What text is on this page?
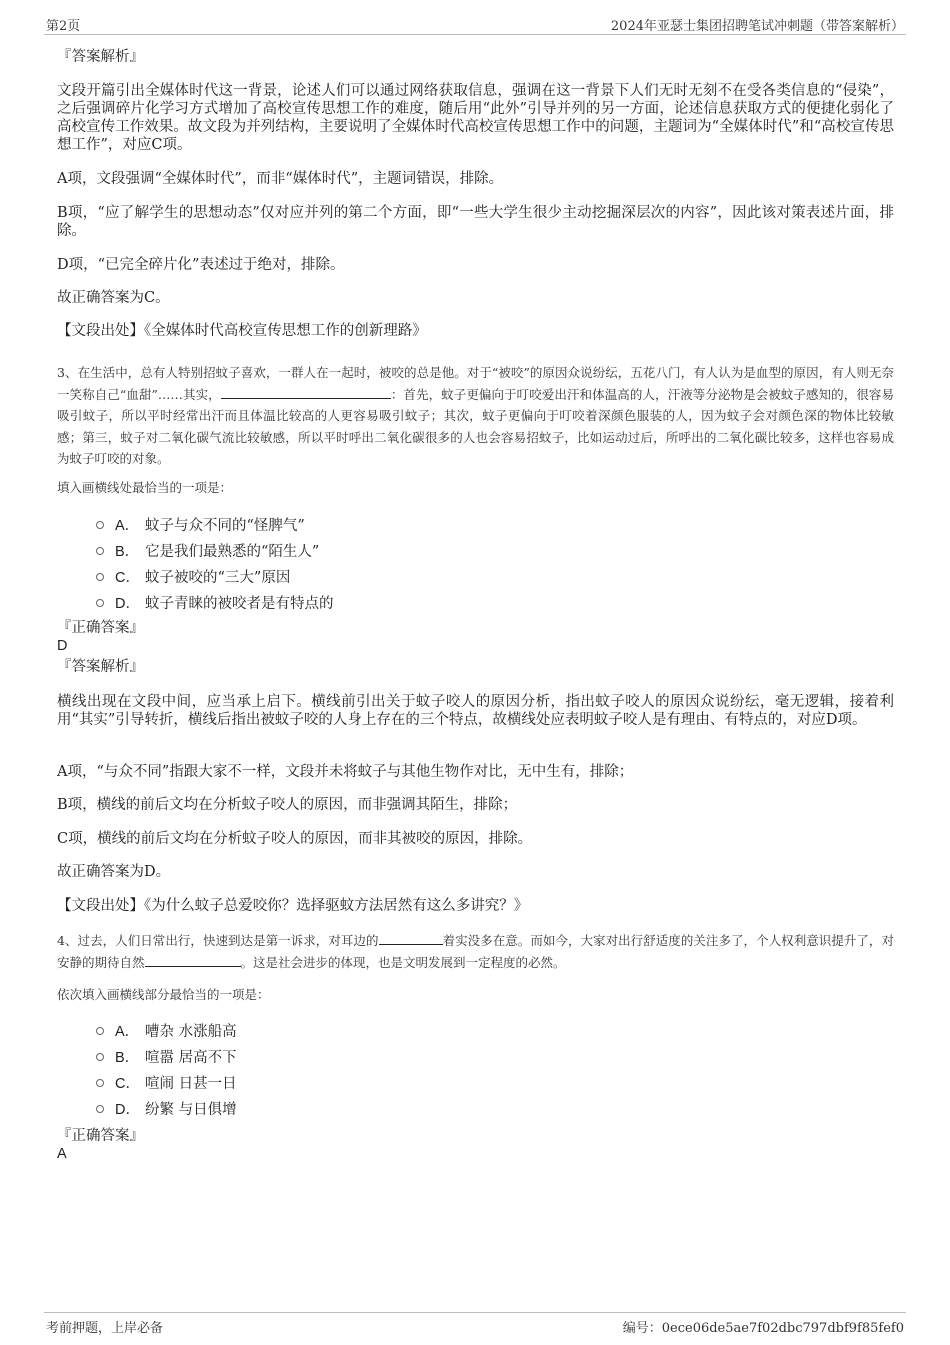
第2页	2024年亚瑟士集团招聘笔试冲刺题（带答案解析）
『答案解析』
文段开篇引出全媒体时代这一背景，论述人们可以通过网络获取信息，强调在这一背景下人们无时无刻不在受各类信息的“侵染”，之后强调碎片化学习方式增加了高校宣传思想工作的难度，随后用“此外”引导并列的另一方面，论述信息获取方式的便捷化弱化了高校宣传工作效果。故文段为并列结构，主要说明了全媒体时代高校宣传思想工作中的问题，主题词为“全媒体时代”和“高校宣传思想工作”，对应C项。
A项，文段强调“全媒体时代”，而非“媒体时代”，主题词错误，排除。
B项，“应了解学生的思想动态”仅对应并列的第二个方面，即“一些大学生很少主动挖掘深层次的内容”，因此该对策表述片面，排除。
D项，“已完全碎片化”表述过于绝对，排除。
故正确答案为C。
【文段出处】《全媒体时代高校宣传思想工作的创新理路》
3、在生活中，总有人特别招蚊子喜欢，一群人在一起时，被咬的总是他。对于“被咬”的原因众说纷纭，五花八门，有人认为是血型的原因，有人则无奈一笑称自己“血甜”……其实，	：首先，蚊子更偏向于叮咬爱出汗和体温高的人，汗液等分泌物是会被蚊子感知的，很容易吸引蚊子，所以平时经常出汗而且体温比较高的人更容易吸引蚊子；其次，蚊子更偏向于叮咬着深颜色服装的人，因为蚊子会对颜色深的物体比较敏感；第三，蚊子对二氧化碳气流比较敏感，所以平时呼出二氧化碳很多的人也会容易招蚊子，比如运动过后，所呼出的二氧化碳比较多，这样也容易成为蚊子叮咬的对象。
填入画横线处最恰当的一项是：
A． 蚊子与众不同的“怪脾气”
B． 它是我们最熟悉的“陌生人”
C． 蚊子被咬的“三大”原因
D． 蚊子青睐的被咬者是有特点的
『正确答案』
D
『答案解析』
横线出现在文段中间，应当承上启下。横线前引出关于蚊子咬人的原因分析，指出蚊子咬人的原因众说纷纭，毫无逻辑，接着利用“其实”引导转折，横线后指出被蚊子咬的人身上存在的三个特点，故横线处应表明蚊子咬人是有理由、有特点的，对应D项。
A项，“与众不同”指跟大家不一样，文段并未将蚊子与其他生物作对比，无中生有，排除；
B项，横线的前后文均在分析蚊子咬人的原因，而非强调其陌生，排除；
C项，横线的前后文均在分析蚊子咬人的原因，而非其被咬的原因，排除。
故正确答案为D。
【文段出处】《为什么蚊子总爱咬你？选择驱蚊方法居然有这么多讲究？》
4、过去，人们日常出行，快速到达是第一诉求，对耳边的	着实没多在意。而如今，大家对出行舒适度的关注多了，个人权利意识提升了，对安静的期待自然	。这是社会进步的体现，也是文明发展到一定程度的必然。
依次填入画横线部分最恰当的一项是：
A． 嘈杂 水涨船高
B． 喧嚣 居高不下
C． 喧闹 日甚一日
D． 纷繁 与日俱增
『正确答案』
A
考前押题，上岸必备	编号：0ece06de5ae7f02dbc797dbf9f85fef0
